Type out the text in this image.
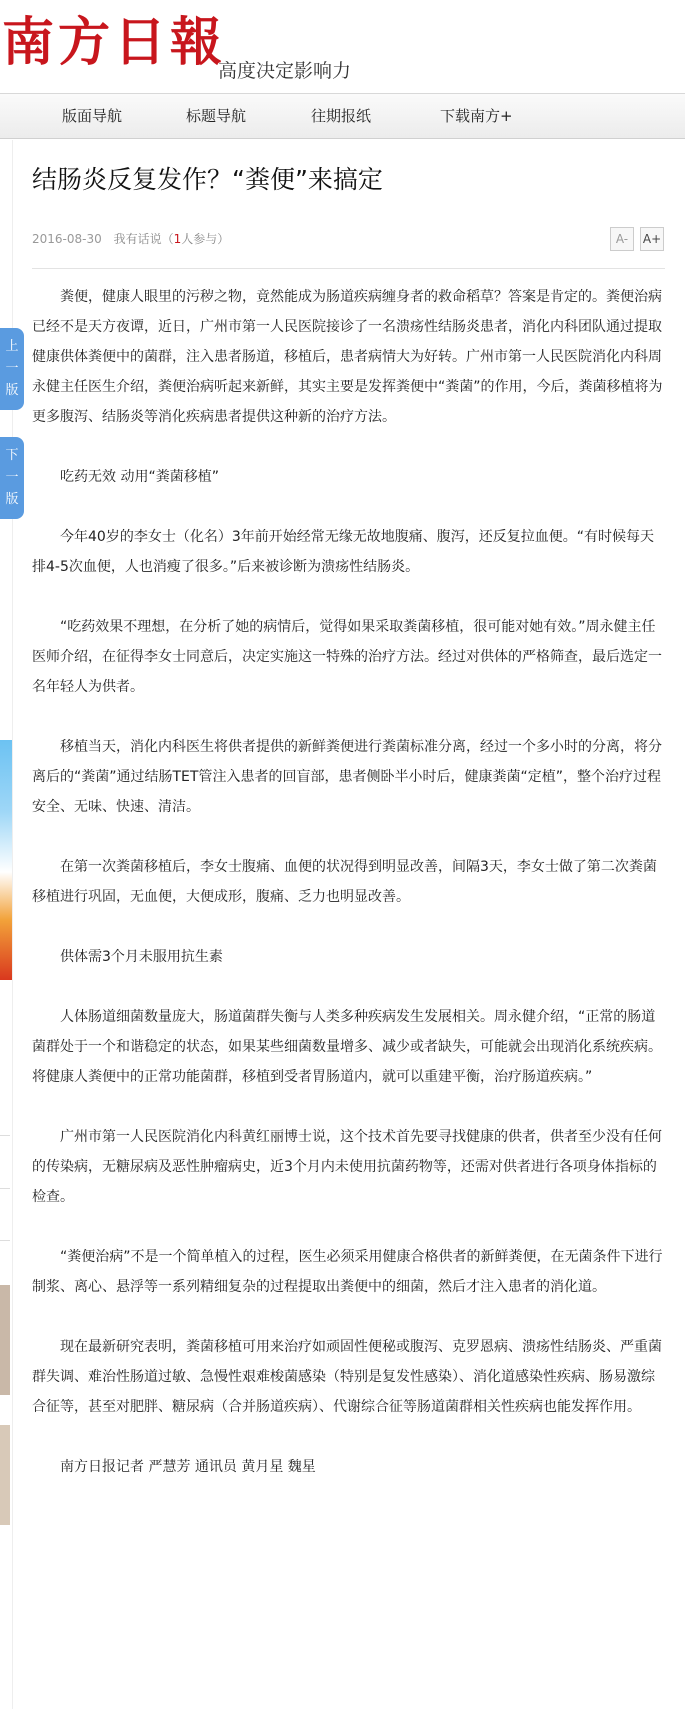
南方日報
高度决定影响力
版面导航	标题导航	往期报纸	下载南方+
上
一
版
下
一
版
结肠炎反复发作？“粪便”来搞定
2016-08-30 我有话说（1人参与）	A-	A+

粪便，健康人眼里的污秽之物，竟然能成为肠道疾病缠身者的救命稻草？答案是肯定的。粪便治病已经不是天方夜谭，近日，广州市第一人民医院接诊了一名溃疡性结肠炎患者，消化内科团队通过提取健康供体粪便中的菌群，注入患者肠道，移植后，患者病情大为好转。广州市第一人民医院消化内科周永健主任医生介绍，粪便治病听起来新鲜，其实主要是发挥粪便中“粪菌”的作用，今后，粪菌移植将为更多腹泻、结肠炎等消化疾病患者提供这种新的治疗方法。

吃药无效 动用“粪菌移植”

今年40岁的李女士（化名）3年前开始经常无缘无故地腹痛、腹泻，还反复拉血便。“有时候每天排4-5次血便，人也消瘦了很多。”后来被诊断为溃疡性结肠炎。

“吃药效果不理想，在分析了她的病情后，觉得如果采取粪菌移植，很可能对她有效。”周永健主任医师介绍，在征得李女士同意后，决定实施这一特殊的治疗方法。经过对供体的严格筛查，最后选定一名年轻人为供者。

移植当天，消化内科医生将供者提供的新鲜粪便进行粪菌标准分离，经过一个多小时的分离，将分离后的“粪菌”通过结肠TET管注入患者的回盲部，患者侧卧半小时后，健康粪菌“定植”，整个治疗过程安全、无味、快速、清洁。

在第一次粪菌移植后，李女士腹痛、血便的状况得到明显改善，间隔3天，李女士做了第二次粪菌移植进行巩固，无血便，大便成形，腹痛、乏力也明显改善。

供体需3个月未服用抗生素

人体肠道细菌数量庞大，肠道菌群失衡与人类多种疾病发生发展相关。周永健介绍，“正常的肠道菌群处于一个和谐稳定的状态，如果某些细菌数量增多、减少或者缺失，可能就会出现消化系统疾病。将健康人粪便中的正常功能菌群，移植到受者胃肠道内，就可以重建平衡，治疗肠道疾病。”

广州市第一人民医院消化内科黄红丽博士说，这个技术首先要寻找健康的供者，供者至少没有任何的传染病，无糖尿病及恶性肿瘤病史，近3个月内未使用抗菌药物等，还需对供者进行各项身体指标的检查。

“粪便治病”不是一个简单植入的过程，医生必须采用健康合格供者的新鲜粪便，在无菌条件下进行制浆、离心、悬浮等一系列精细复杂的过程提取出粪便中的细菌，然后才注入患者的消化道。

现在最新研究表明，粪菌移植可用来治疗如顽固性便秘或腹泻、克罗恩病、溃疡性结肠炎、严重菌群失调、难治性肠道过敏、急慢性艰难梭菌感染（特别是复发性感染）、消化道感染性疾病、肠易激综合征等，甚至对肥胖、糖尿病（合并肠道疾病）、代谢综合征等肠道菌群相关性疾病也能发挥作用。

南方日报记者 严慧芳 通讯员 黄月星 魏星
